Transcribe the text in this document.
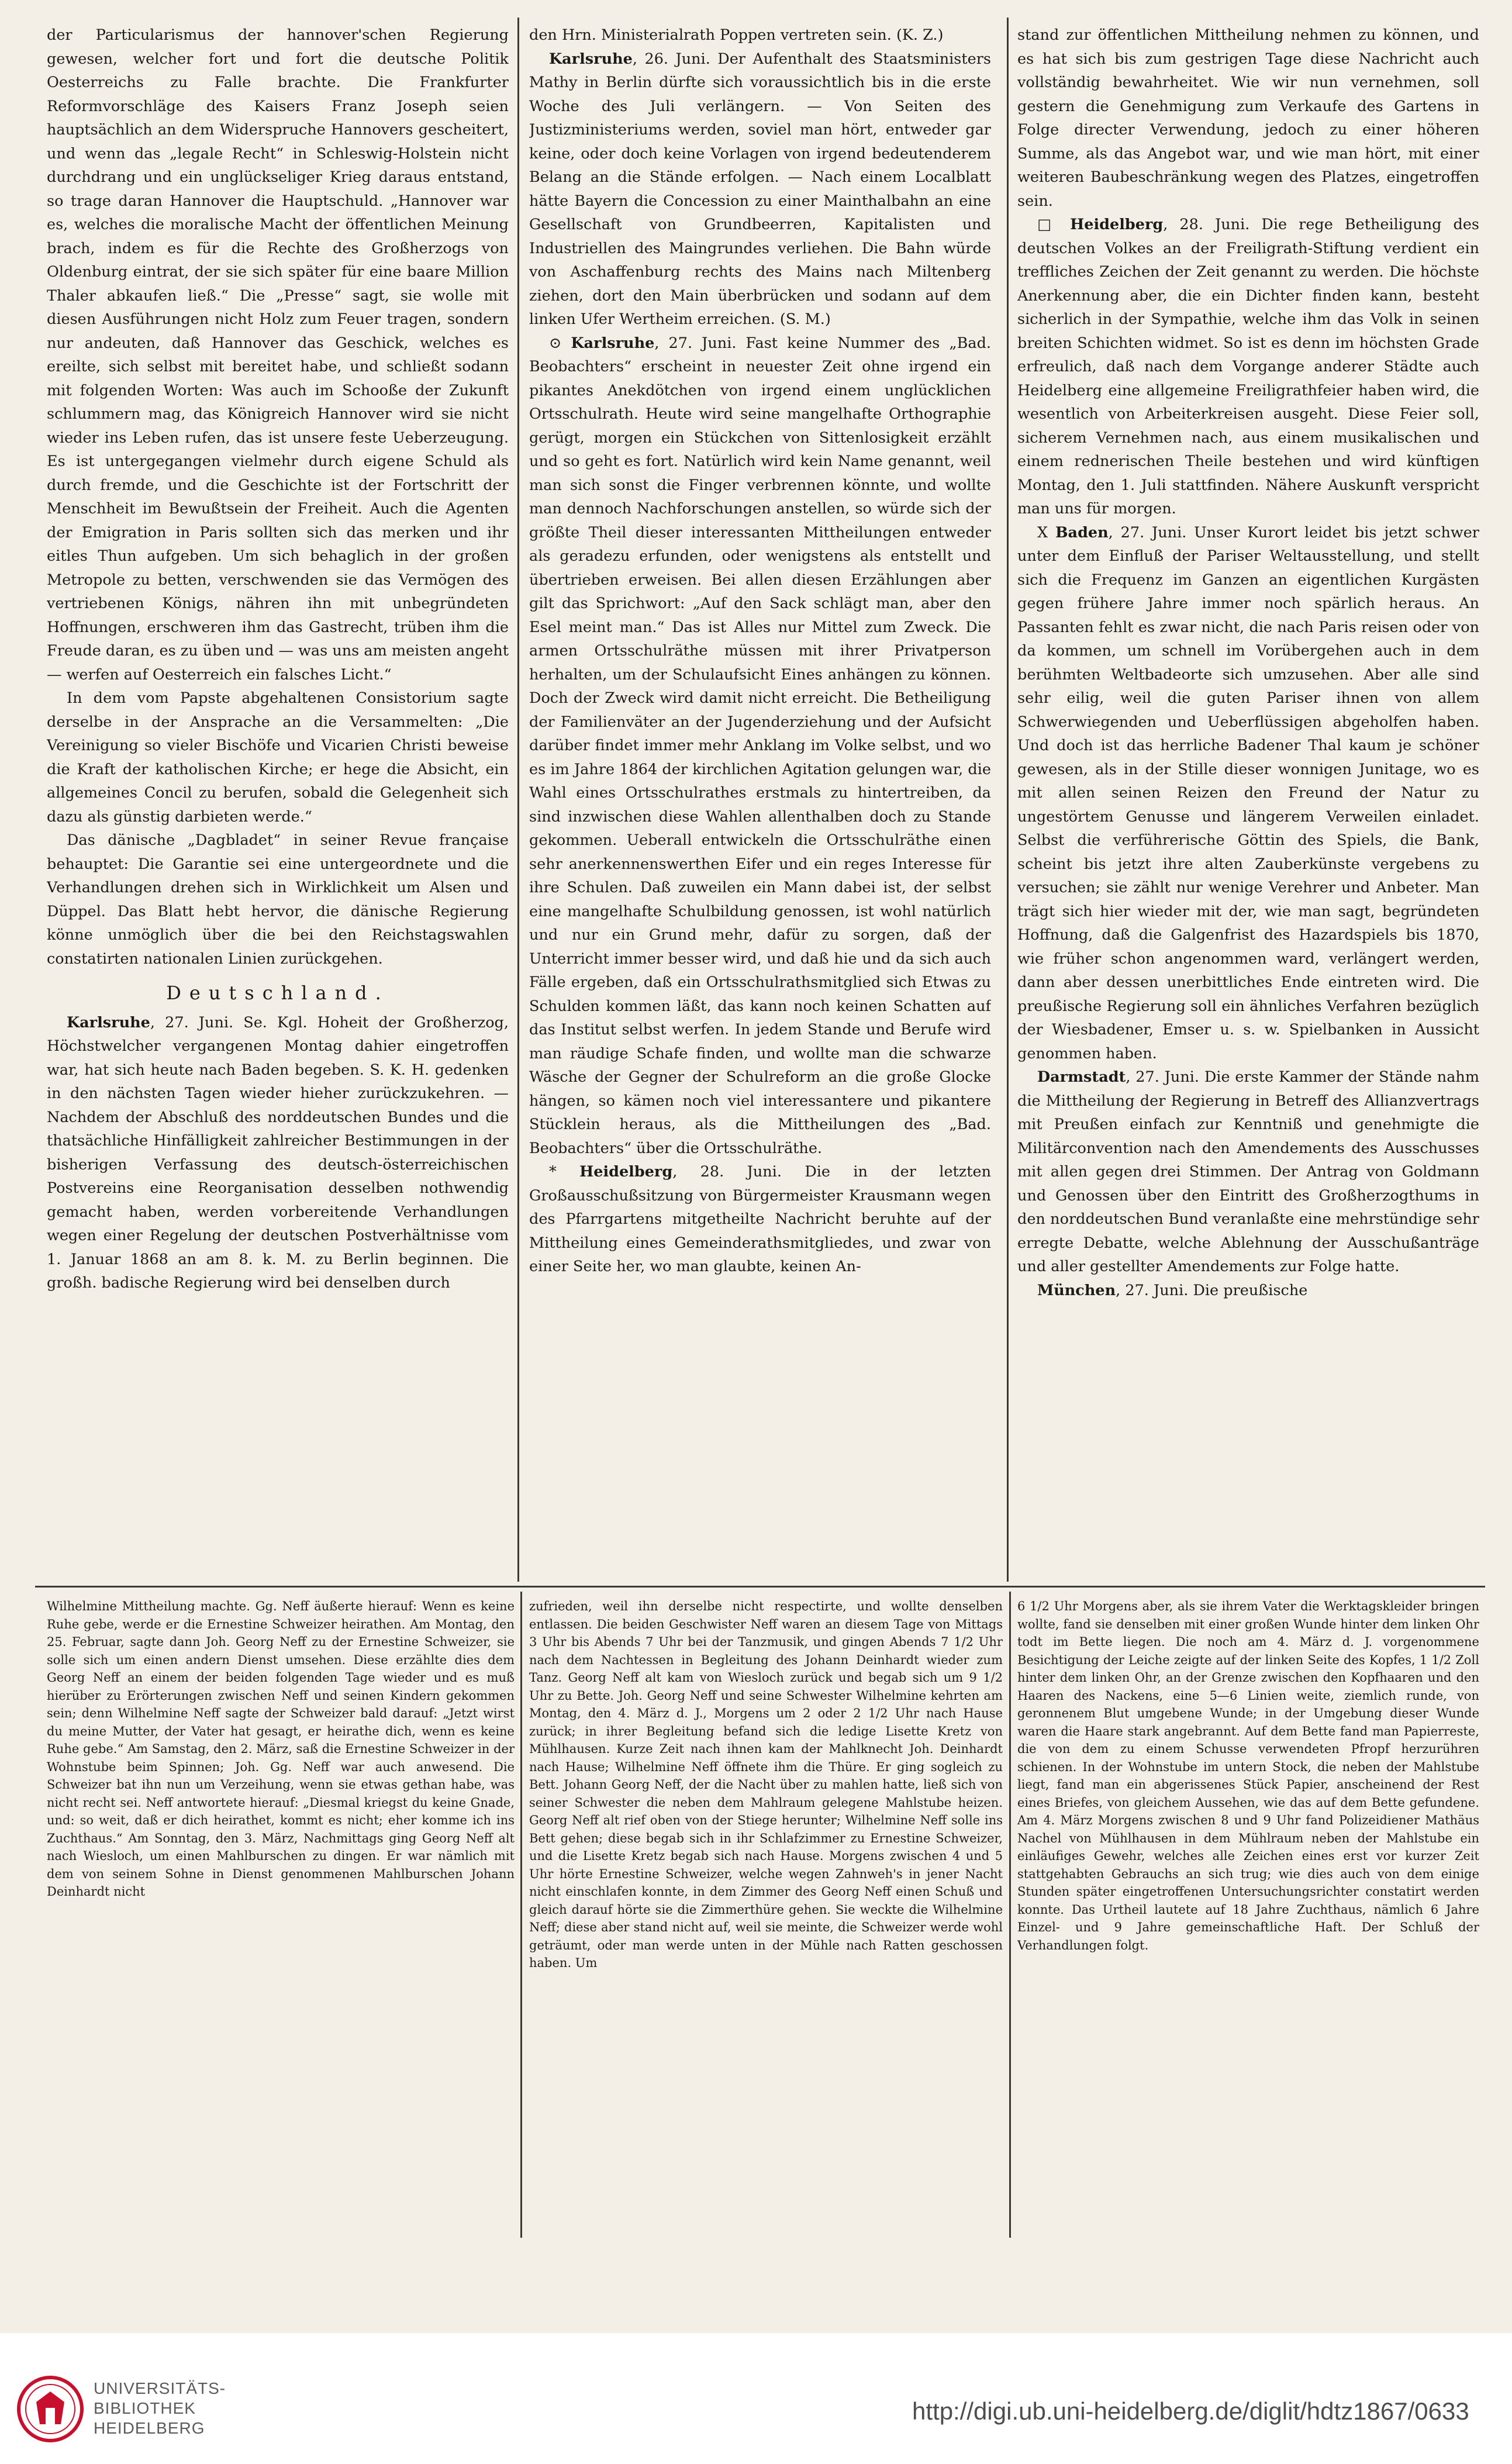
der Particularismus der hannover'schen Regierung gewesen, welcher fort und fort die deutsche Politik Oesterreichs zu Falle brachte. Die Frankfurter Reformvorschläge des Kaisers Franz Joseph seien hauptsächlich an dem Widerspruche Hannovers gescheitert, und wenn das „legale Recht“ in Schleswig-Holstein nicht durchdrang und ein unglückseliger Krieg daraus entstand, so trage daran Hannover die Hauptschuld. „Hannover war es, welches die moralische Macht der öffentlichen Meinung brach, indem es für die Rechte des Großherzogs von Oldenburg eintrat, der sie sich später für eine baare Million Thaler abkaufen ließ.“ Die „Presse“ sagt, sie wolle mit diesen Ausführungen nicht Holz zum Feuer tragen, sondern nur andeuten, daß Hannover das Geschick, welches es ereilte, sich selbst mit bereitet habe, und schließt sodann mit folgenden Worten: Was auch im Schooße der Zukunft schlummern mag, das Königreich Hannover wird sie nicht wieder ins Leben rufen, das ist unsere feste Ueberzeugung. Es ist untergegangen vielmehr durch eigene Schuld als durch fremde, und die Geschichte ist der Fortschritt der Menschheit im Bewußtsein der Freiheit. Auch die Agenten der Emigration in Paris sollten sich das merken und ihr eitles Thun aufgeben. Um sich behaglich in der großen Metropole zu betten, verschwenden sie das Vermögen des vertriebenen Königs, nähren ihn mit unbegründeten Hoffnungen, erschweren ihm das Gastrecht, trüben ihm die Freude daran, es zu üben und — was uns am meisten angeht — werfen auf Oesterreich ein falsches Licht.“

In dem vom Papste abgehaltenen Consistorium sagte derselbe in der Ansprache an die Versammelten: „Die Vereinigung so vieler Bischöfe und Vicarien Christi beweise die Kraft der katholischen Kirche; er hege die Absicht, ein allgemeines Concil zu berufen, sobald die Gelegenheit sich dazu als günstig darbieten werde.“

Das dänische „Dagbladet“ in seiner Revue française behauptet: Die Garantie sei eine untergeordnete und die Verhandlungen drehen sich in Wirklichkeit um Alsen und Düppel. Das Blatt hebt hervor, die dänische Regierung könne unmöglich über die bei den Reichstagswahlen constatirten nationalen Linien zurückgehen.

Deutschland.

Karlsruhe, 27. Juni. Se. Kgl. Hoheit der Großherzog, Höchstwelcher vergangenen Montag dahier eingetroffen war, hat sich heute nach Baden begeben. S. K. H. gedenken in den nächsten Tagen wieder hieher zurückzukehren. — Nachdem der Abschluß des norddeutschen Bundes und die thatsächliche Hinfälligkeit zahlreicher Bestimmungen in der bisherigen Verfassung des deutsch-österreichischen Postvereins eine Reorganisation desselben nothwendig gemacht haben, werden vorbereitende Verhandlungen wegen einer Regelung der deutschen Postverhältnisse vom 1. Januar 1868 an am 8. k. M. zu Berlin beginnen. Die großh. badische Regierung wird bei denselben durch

den Hrn. Ministerialrath Poppen vertreten sein. (K. Z.)

Karlsruhe, 26. Juni. Der Aufenthalt des Staatsministers Mathy in Berlin dürfte sich voraussichtlich bis in die erste Woche des Juli verlängern. — Von Seiten des Justizministeriums werden, soviel man hört, entweder gar keine, oder doch keine Vorlagen von irgend bedeutenderem Belang an die Stände erfolgen. — Nach einem Localblatt hätte Bayern die Concession zu einer Mainthalbahn an eine Gesellschaft von Grundbeerren, Kapitalisten und Industriellen des Maingrundes verliehen. Die Bahn würde von Aschaffenburg rechts des Mains nach Miltenberg ziehen, dort den Main überbrücken und sodann auf dem linken Ufer Wertheim erreichen. (S. M.)

⊙ Karlsruhe, 27. Juni. Fast keine Nummer des „Bad. Beobachters“ erscheint in neuester Zeit ohne irgend ein pikantes Anekdötchen von irgend einem unglücklichen Ortsschulrath. Heute wird seine mangelhafte Orthographie gerügt, morgen ein Stückchen von Sittenlosigkeit erzählt und so geht es fort. Natürlich wird kein Name genannt, weil man sich sonst die Finger verbrennen könnte, und wollte man dennoch Nachforschungen anstellen, so würde sich der größte Theil dieser interessanten Mittheilungen entweder als geradezu erfunden, oder wenigstens als entstellt und übertrieben erweisen. Bei allen diesen Erzählungen aber gilt das Sprichwort: „Auf den Sack schlägt man, aber den Esel meint man.“ Das ist Alles nur Mittel zum Zweck. Die armen Ortsschulräthe müssen mit ihrer Privatperson herhalten, um der Schulaufsicht Eines anhängen zu können. Doch der Zweck wird damit nicht erreicht. Die Betheiligung der Familienväter an der Jugenderziehung und der Aufsicht darüber findet immer mehr Anklang im Volke selbst, und wo es im Jahre 1864 der kirchlichen Agitation gelungen war, die Wahl eines Ortsschulrathes erstmals zu hintertreiben, da sind inzwischen diese Wahlen allenthalben doch zu Stande gekommen. Ueberall entwickeln die Ortsschulräthe einen sehr anerkennenswerthen Eifer und ein reges Interesse für ihre Schulen. Daß zuweilen ein Mann dabei ist, der selbst eine mangelhafte Schulbildung genossen, ist wohl natürlich und nur ein Grund mehr, dafür zu sorgen, daß der Unterricht immer besser wird, und daß hie und da sich auch Fälle ergeben, daß ein Ortsschulrathsmitglied sich Etwas zu Schulden kommen läßt, das kann noch keinen Schatten auf das Institut selbst werfen. In jedem Stande und Berufe wird man räudige Schafe finden, und wollte man die schwarze Wäsche der Gegner der Schulreform an die große Glocke hängen, so kämen noch viel interessantere und pikantere Stücklein heraus, als die Mittheilungen des „Bad. Beobachters“ über die Ortsschulräthe.

* Heidelberg, 28. Juni. Die in der letzten Großausschußsitzung von Bürgermeister Krausmann wegen des Pfarrgartens mitgetheilte Nachricht beruhte auf der Mittheilung eines Gemeinderathsmitgliedes, und zwar von einer Seite her, wo man glaubte, keinen An-

stand zur öffentlichen Mittheilung nehmen zu können, und es hat sich bis zum gestrigen Tage diese Nachricht auch vollständig bewahrheitet. Wie wir nun vernehmen, soll gestern die Genehmigung zum Verkaufe des Gartens in Folge directer Verwendung, jedoch zu einer höheren Summe, als das Angebot war, und wie man hört, mit einer weiteren Baubeschränkung wegen des Platzes, eingetroffen sein.

□ Heidelberg, 28. Juni. Die rege Betheiligung des deutschen Volkes an der Freiligrath-Stiftung verdient ein treffliches Zeichen der Zeit genannt zu werden. Die höchste Anerkennung aber, die ein Dichter finden kann, besteht sicherlich in der Sympathie, welche ihm das Volk in seinen breiten Schichten widmet. So ist es denn im höchsten Grade erfreulich, daß nach dem Vorgange anderer Städte auch Heidelberg eine allgemeine Freiligrathfeier haben wird, die wesentlich von Arbeiterkreisen ausgeht. Diese Feier soll, sicherem Vernehmen nach, aus einem musikalischen und einem rednerischen Theile bestehen und wird künftigen Montag, den 1. Juli stattfinden. Nähere Auskunft verspricht man uns für morgen.

X Baden, 27. Juni. Unser Kurort leidet bis jetzt schwer unter dem Einfluß der Pariser Weltausstellung, und stellt sich die Frequenz im Ganzen an eigentlichen Kurgästen gegen frühere Jahre immer noch spärlich heraus. An Passanten fehlt es zwar nicht, die nach Paris reisen oder von da kommen, um schnell im Vorübergehen auch in dem berühmten Weltbadeorte sich umzusehen. Aber alle sind sehr eilig, weil die guten Pariser ihnen von allem Schwerwiegenden und Ueberflüssigen abgeholfen haben. Und doch ist das herrliche Badener Thal kaum je schöner gewesen, als in der Stille dieser wonnigen Junitage, wo es mit allen seinen Reizen den Freund der Natur zu ungestörtem Genusse und längerem Verweilen einladet. Selbst die verführerische Göttin des Spiels, die Bank, scheint bis jetzt ihre alten Zauberkünste vergebens zu versuchen; sie zählt nur wenige Verehrer und Anbeter. Man trägt sich hier wieder mit der, wie man sagt, begründeten Hoffnung, daß die Galgenfrist des Hazardspiels bis 1870, wie früher schon angenommen ward, verlängert werden, dann aber dessen unerbittliches Ende eintreten wird. Die preußische Regierung soll ein ähnliches Verfahren bezüglich der Wiesbadener, Emser u. s. w. Spielbanken in Aussicht genommen haben.

Darmstadt, 27. Juni. Die erste Kammer der Stände nahm die Mittheilung der Regierung in Betreff des Allianzvertrags mit Preußen einfach zur Kenntniß und genehmigte die Militärconvention nach den Amendements des Ausschusses mit allen gegen drei Stimmen. Der Antrag von Goldmann und Genossen über den Eintritt des Großherzogthums in den norddeutschen Bund veranlaßte eine mehrstündige sehr erregte Debatte, welche Ablehnung der Ausschußanträge und aller gestellter Amendements zur Folge hatte.

München, 27. Juni. Die preußische

Wilhelmine Mittheilung machte. Gg. Neff äußerte hierauf: Wenn es keine Ruhe gebe, werde er die Ernestine Schweizer heirathen. Am Montag, den 25. Februar, sagte dann Joh. Georg Neff zu der Ernestine Schweizer, sie solle sich um einen andern Dienst umsehen. Diese erzählte dies dem Georg Neff an einem der beiden folgenden Tage wieder und es muß hierüber zu Erörterungen zwischen Neff und seinen Kindern gekommen sein; denn Wilhelmine Neff sagte der Schweizer bald darauf: „Jetzt wirst du meine Mutter, der Vater hat gesagt, er heirathe dich, wenn es keine Ruhe gebe.“ Am Samstag, den 2. März, saß die Ernestine Schweizer in der Wohnstube beim Spinnen; Joh. Gg. Neff war auch anwesend. Die Schweizer bat ihn nun um Verzeihung, wenn sie etwas gethan habe, was nicht recht sei. Neff antwortete hierauf: „Diesmal kriegst du keine Gnade, und: so weit, daß er dich heirathet, kommt es nicht; eher komme ich ins Zuchthaus.“ Am Sonntag, den 3. März, Nachmittags ging Georg Neff alt nach Wiesloch, um einen Mahlburschen zu dingen. Er war nämlich mit dem von seinem Sohne in Dienst genommenen Mahlburschen Johann Deinhardt nicht

zufrieden, weil ihn derselbe nicht respectirte, und wollte denselben entlassen. Die beiden Geschwister Neff waren an diesem Tage von Mittags 3 Uhr bis Abends 7 Uhr bei der Tanzmusik, und gingen Abends 7 1/2 Uhr nach dem Nachtessen in Begleitung des Johann Deinhardt wieder zum Tanz. Georg Neff alt kam von Wiesloch zurück und begab sich um 9 1/2 Uhr zu Bette. Joh. Georg Neff und seine Schwester Wilhelmine kehrten am Montag, den 4. März d. J., Morgens um 2 oder 2 1/2 Uhr nach Hause zurück; in ihrer Begleitung befand sich die ledige Lisette Kretz von Mühlhausen. Kurze Zeit nach ihnen kam der Mahlknecht Joh. Deinhardt nach Hause; Wilhelmine Neff öffnete ihm die Thüre. Er ging sogleich zu Bett. Johann Georg Neff, der die Nacht über zu mahlen hatte, ließ sich von seiner Schwester die neben dem Mahlraum gelegene Mahlstube heizen. Georg Neff alt rief oben von der Stiege herunter; Wilhelmine Neff solle ins Bett gehen; diese begab sich in ihr Schlafzimmer zu Ernestine Schweizer, und die Lisette Kretz begab sich nach Hause. Morgens zwischen 4 und 5 Uhr hörte Ernestine Schweizer, welche wegen Zahnweh's in jener Nacht nicht einschlafen konnte, in dem Zimmer des Georg Neff einen Schuß und gleich darauf hörte sie die Zimmerthüre gehen. Sie weckte die Wilhelmine Neff; diese aber stand nicht auf, weil sie meinte, die Schweizer werde wohl geträumt, oder man werde unten in der Mühle nach Ratten geschossen haben. Um

6 1/2 Uhr Morgens aber, als sie ihrem Vater die Werktagskleider bringen wollte, fand sie denselben mit einer großen Wunde hinter dem linken Ohr todt im Bette liegen. Die noch am 4. März d. J. vorgenommene Besichtigung der Leiche zeigte auf der linken Seite des Kopfes, 1 1/2 Zoll hinter dem linken Ohr, an der Grenze zwischen den Kopfhaaren und den Haaren des Nackens, eine 5—6 Linien weite, ziemlich runde, von geronnenem Blut umgebene Wunde; in der Umgebung dieser Wunde waren die Haare stark angebrannt. Auf dem Bette fand man Papierreste, die von dem zu einem Schusse verwendeten Pfropf herzurühren schienen. In der Wohnstube im untern Stock, die neben der Mahlstube liegt, fand man ein abgerissenes Stück Papier, anscheinend der Rest eines Briefes, von gleichem Aussehen, wie das auf dem Bette gefundene. Am 4. März Morgens zwischen 8 und 9 Uhr fand Polizeidiener Mathäus Nachel von Mühlhausen in dem Mühlraum neben der Mahlstube ein einläufiges Gewehr, welches alle Zeichen eines erst vor kurzer Zeit stattgehabten Gebrauchs an sich trug; wie dies auch von dem einige Stunden später eingetroffenen Untersuchungsrichter constatirt werden konnte. Das Urtheil lautete auf 18 Jahre Zuchthaus, nämlich 6 Jahre Einzel- und 9 Jahre gemeinschaftliche Haft. Der Schluß der Verhandlungen folgt.

UNIVERSITÄTS-
BIBLIOTHEK
HEIDELBERG
http://digi.ub.uni-heidelberg.de/diglit/hdtz1867/0633
